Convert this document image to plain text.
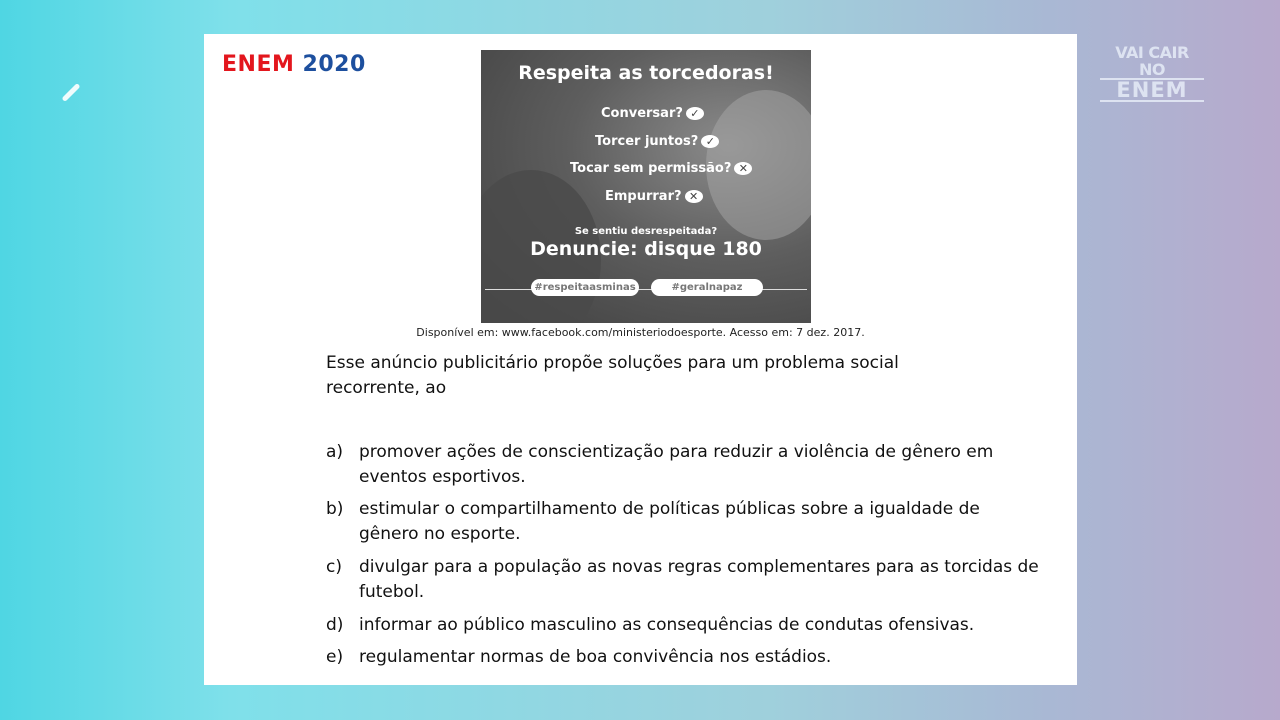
VAI CAIR NO
ENEM
ENEM 2020	Respeita as torcedoras!
Conversar? ✓
Torcer juntos? ✓
Tocar sem permissão? ✕
Empurrar? ✕
Se sentiu desrespeitada?
Denuncie: disque 180
#respeitaasminas	#geralnapaz
Disponível em: www.facebook.com/ministeriodoesporte. Acesso em: 7 dez. 2017.
Esse anúncio publicitário propõe soluções para um problema social recorrente, ao
a) promover ações de conscientização para reduzir a violência de gênero em eventos esportivos.
b) estimular o compartilhamento de políticas públicas sobre a igualdade de gênero no esporte.
c)	divulgar para a população as novas regras complementares para as torcidas de futebol.
d) informar ao público masculino as consequências de condutas ofensivas.
e) regulamentar normas de boa convivência nos estádios.
